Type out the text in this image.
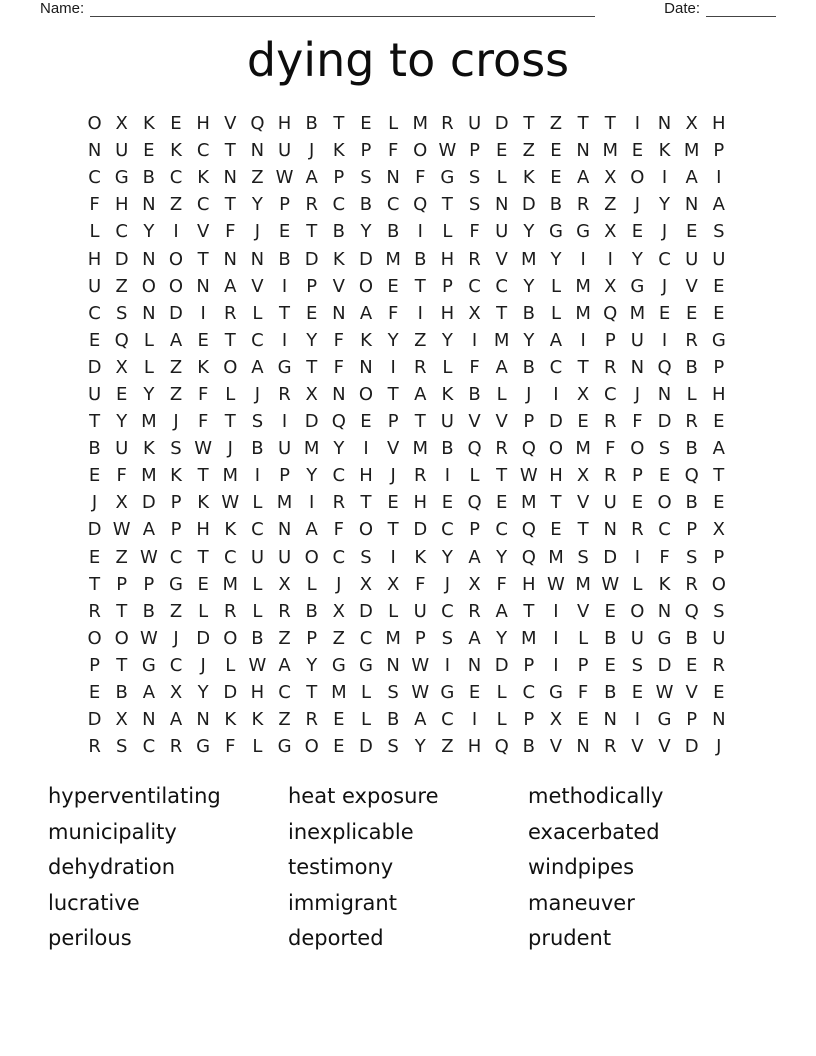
Name:	Date:
dying to cross
O X K E H V Q H B T E L M R U D T Z T T	I N X H
N U E K C T N U J	K P F O W P E Z E N M E K M P
C G B C K N Z W A P S N F G S L K E A X O I	A	I
F H N Z C T Y P R C B C Q T S N D B R Z	J	Y N A
L C Y	I	V F	J	E T B Y B	I	L F U Y G G X E	J	E S
H D N O T N N B D K D M B H R V M Y	I	I	Y C U U
U Z O O N A V	I	P V O E T P C C Y L M X G J	V E
C S N D I	R L T E N A F	I H X T B L M Q M E E E
E Q L A E T C	I	Y F K Y Z Y	I M Y A	I	P U I	R G
D X L Z K O A G T F N I	R L F A B C T R N Q B P
U E Y Z F L	J	R X N O T A K B L	J	I	X C	J N L H
T Y M J	F T S	I D Q E P T U V V P D E R F D R E
B U K S W J	B U M Y	I	V M B Q R Q O M F O S B A
E F M K T M I	P Y C H J	R	I	L T W H X R P E Q T
J	X D P K W L M I	R T E H E Q E M T V U E O B E
D W A P H K C N A F O T D C P C Q E T N R C P X
E Z W C T C U U O C S	I	K Y A Y Q M S D I	F S P
T P P G E M L X L	J	X X F	J	X F H W M W L K R O
R T B Z L R L R B X D L U C R A T	I	V E O N Q S
O O W J D O B Z P Z C M P S A Y M I	L B U G B U
P T G C	J	L W A Y G G N W I N D P	I	P E S D E R
E B A X Y D H C T M L S W G E L C G F B E W V E
D X N A N K K Z R E L B A C	I	L P X E N I G P N
R S C R G F L G O E D S Y Z H Q B V N R V V D J
hyperventilating
municipality
dehydration
lucrative
perilous
heat exposure
inexplicable
testimony
immigrant
deported
methodically
exacerbated
windpipes
maneuver
prudent
